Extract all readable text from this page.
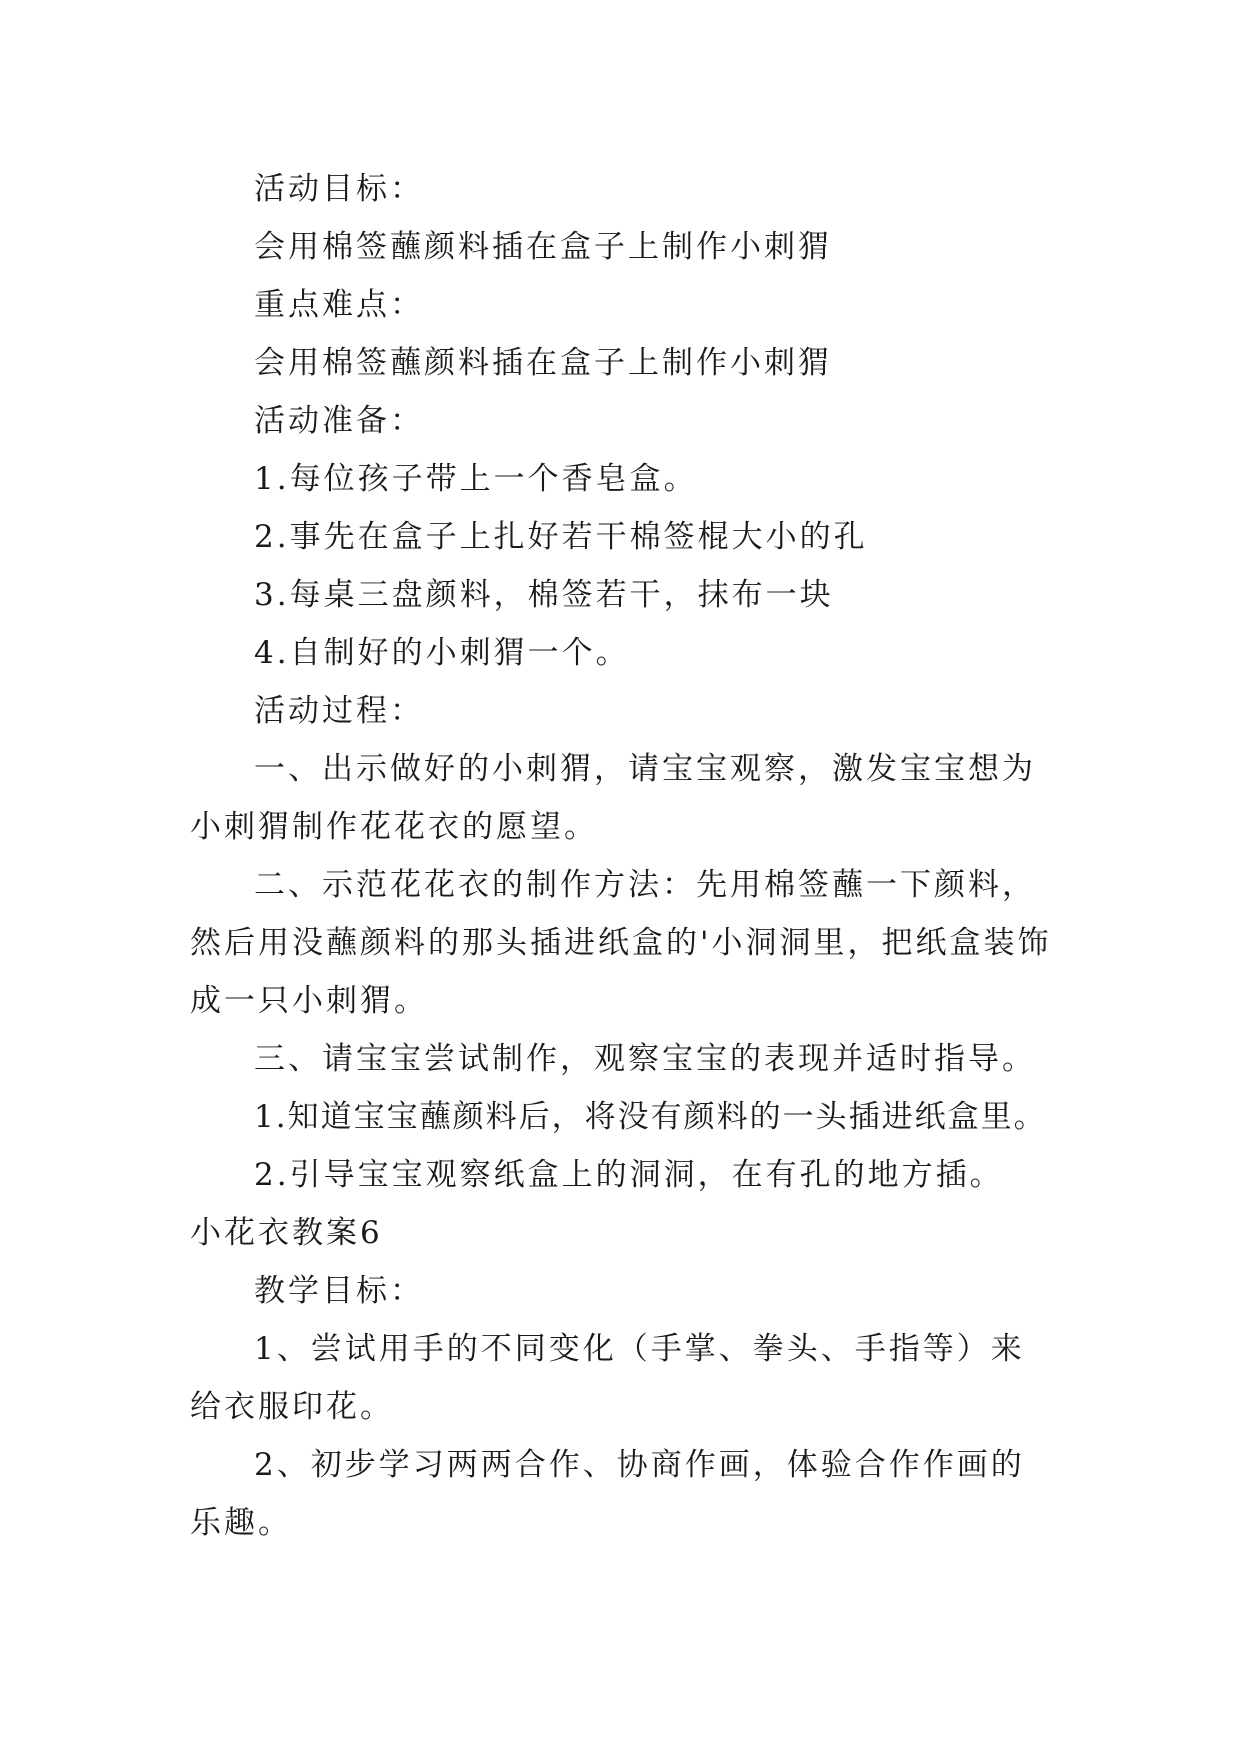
活动目标：

会用棉签蘸颜料插在盒子上制作小刺猬

重点难点：

会用棉签蘸颜料插在盒子上制作小刺猬

活动准备：

1.每位孩子带上一个香皂盒。

2.事先在盒子上扎好若干棉签棍大小的孔

3.每桌三盘颜料，棉签若干，抹布一块

4.自制好的小刺猬一个。

活动过程：

一、出示做好的小刺猬，请宝宝观察，激发宝宝想为小刺猬制作花花衣的愿望。

二、示范花花衣的制作方法：先用棉签蘸一下颜料，然后用没蘸颜料的那头插进纸盒的'小洞洞里，把纸盒装饰成一只小刺猬。

三、请宝宝尝试制作，观察宝宝的表现并适时指导。

1.知道宝宝蘸颜料后，将没有颜料的一头插进纸盒里。

2.引导宝宝观察纸盒上的洞洞，在有孔的地方插。

小花衣教案6

教学目标：

1、尝试用手的不同变化（手掌、拳头、手指等）来给衣服印花。

2、初步学习两两合作、协商作画，体验合作作画的乐趣。
